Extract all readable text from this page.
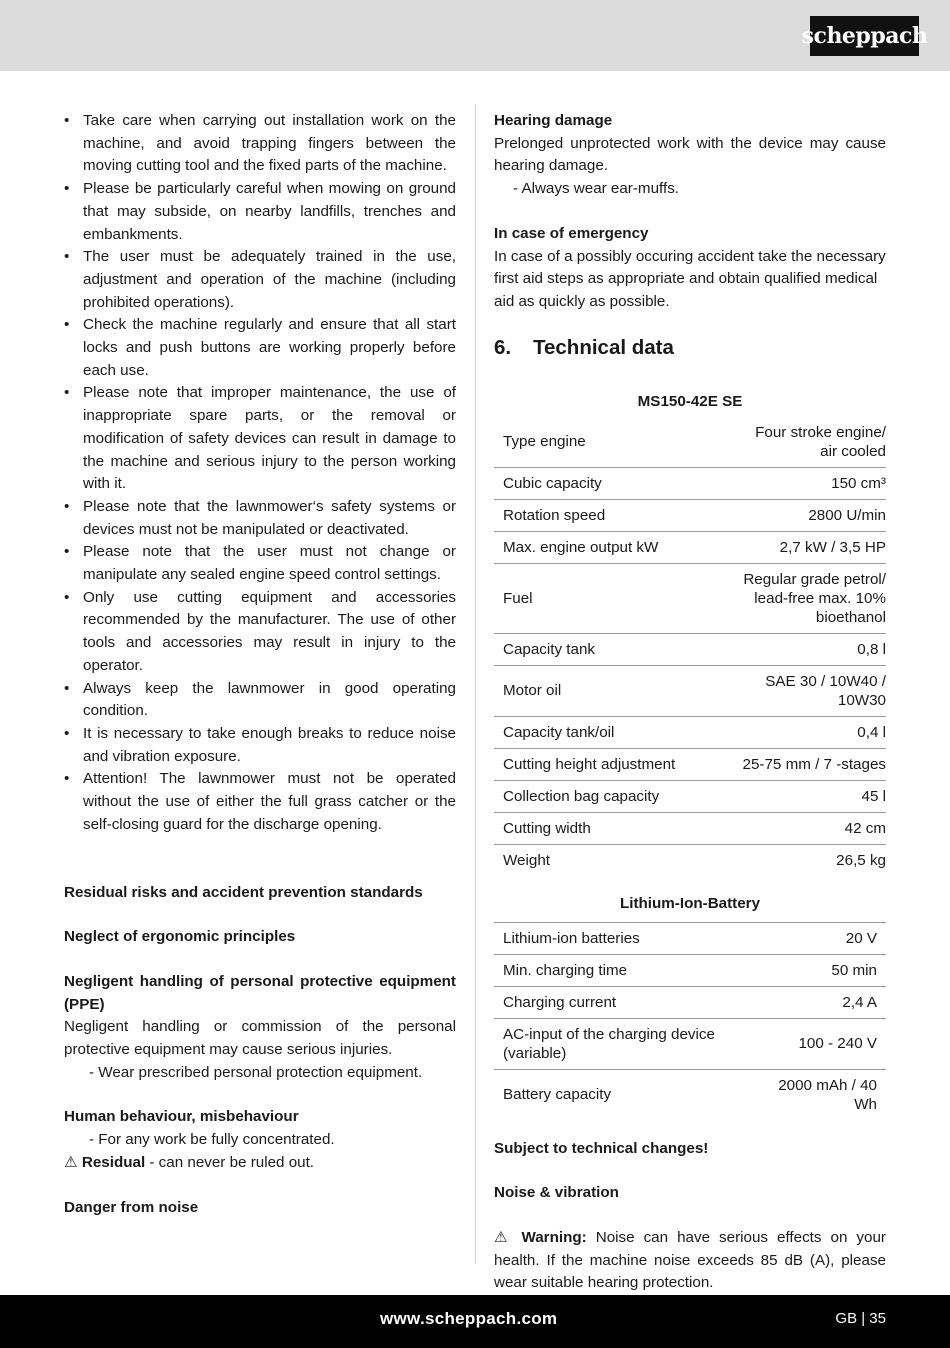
scheppach
• Take care when carrying out installation work on the machine, and avoid trapping fingers between the moving cutting tool and the fixed parts of the machine.
• Please be particularly careful when mowing on ground that may subside, on nearby landfills, trenches and embankments.
• The user must be adequately trained in the use, adjustment and operation of the machine (including prohibited operations).
• Check the machine regularly and ensure that all start locks and push buttons are working properly before each use.
• Please note that improper maintenance, the use of inappropriate spare parts, or the removal or modification of safety devices can result in damage to the machine and serious injury to the person working with it.
• Please note that the lawnmower‘s safety systems or devices must not be manipulated or deactivated.
• Please note that the user must not change or manipulate any sealed engine speed control settings.
• Only use cutting equipment and accessories recommended by the manufacturer. The use of other tools and accessories may result in injury to the operator.
• Always keep the lawnmower in good operating condition.
• It is necessary to take enough breaks to reduce noise and vibration exposure.
• Attention! The lawnmower must not be operated without the use of either the full grass catcher or the self-closing guard for the discharge opening.

Residual risks and accident prevention standards

Neglect of ergonomic principles

Negligent handling of personal protective equipment (PPE)

Negligent handling or commission of the personal protective equipment may cause serious injuries.

- Wear prescribed personal protection equipment.

Human behaviour, misbehaviour

- For any work be fully concentrated.

⚠ Residual - can never be ruled out.

Danger from noise

Hearing damage

Prelonged unprotected work with the device may cause hearing damage.

- Always wear ear-muffs.

In case of emergency

In case of a possibly occuring accident take the necessary first aid steps as appropriate and obtain qualified medical aid as quickly as possible.

6. Technical data

MS150-42E SE
Type engine	Four stroke engine/
air cooled
Cubic capacity	150 cm³
Rotation speed	2800 U/min
Max. engine output kW	2,7 kW / 3,5 HP
Fuel	Regular grade petrol/
lead-free max. 10%
bioethanol
Capacity tank	0,8 l
Motor oil	SAE 30 / 10W40 /
10W30
Capacity tank/oil	0,4 l
Cutting height adjustment	25-75 mm / 7 -stages
Collection bag capacity	45 l
Cutting width	42 cm
Weight	26,5 kg
Lithium-Ion-Battery
Lithium-ion batteries	20 V
Min. charging time	50 min
Charging current	2,4 A
AC-input of the charging device (variable)	100 - 240 V
Battery capacity	2000 mAh / 40 Wh

Subject to technical changes!

Noise & vibration

⚠ Warning: Noise can have serious effects on your health. If the machine noise exceeds 85 dB (A), please wear suitable hearing protection.

www.scheppach.com	GB | 35
